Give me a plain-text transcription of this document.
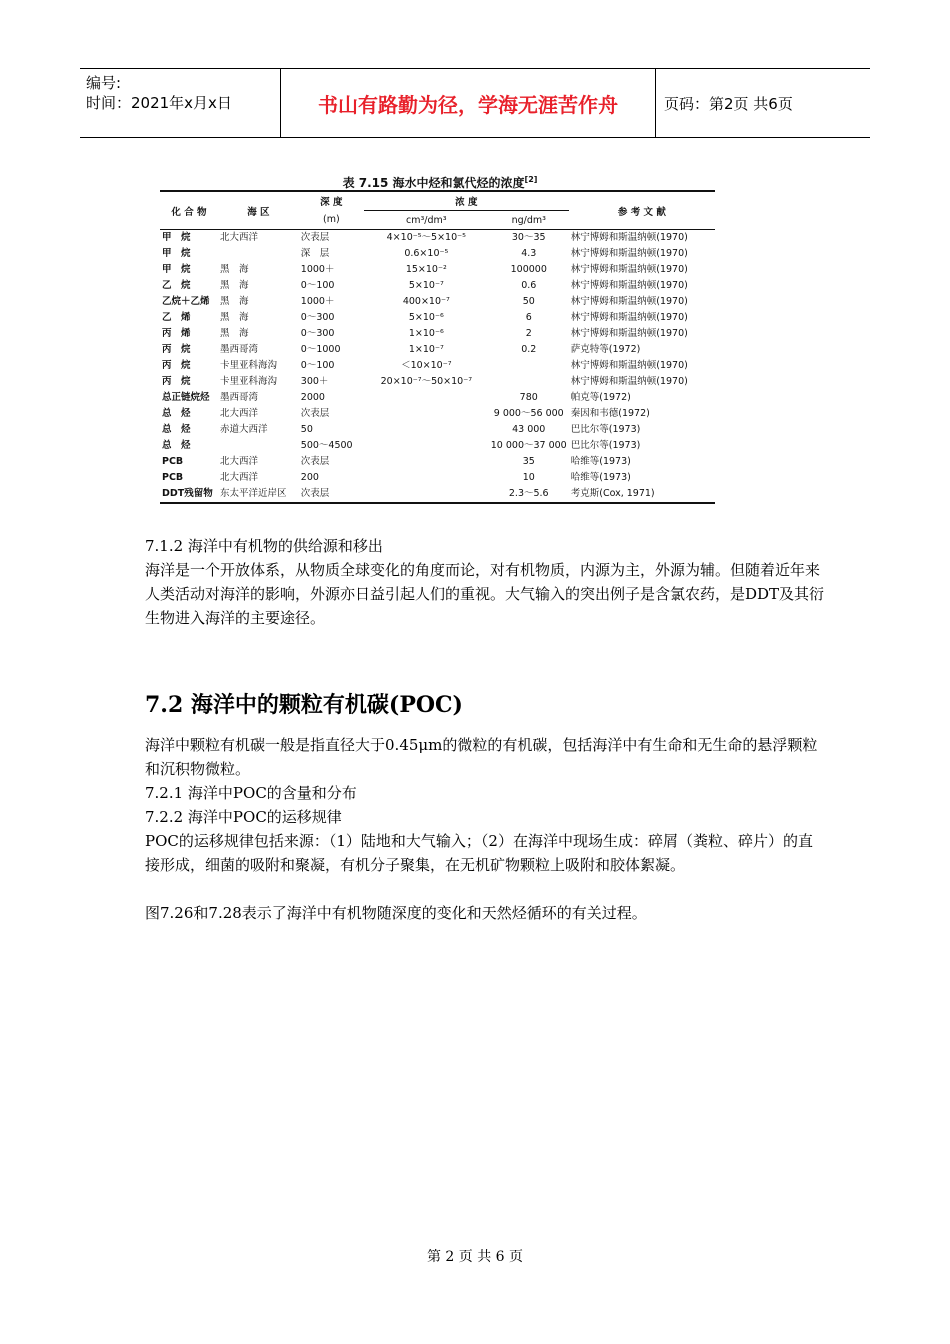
编号:
时间：2021年x月x日	书山有路勤为径，学海无涯苦作舟	页码：第2页 共6页
表 7.15 海水中烃和氯代烃的浓度[2]
化 合 物	海 区	深 度	浓 度		参 考 文 献
		(m)	cm³/dm³	ng/dm³	
甲　烷	北大西洋	次表层	4×10⁻⁵～5×10⁻⁵	30～35	林宁博姆和斯温纳顿(1970)
甲　烷		深　层	0.6×10⁻⁵	4.3	林宁博姆和斯温纳顿(1970)
甲　烷	黑　海	1000＋	15×10⁻²	100000	林宁博姆和斯温纳顿(1970)
乙　烷	黑　海	0～100	5×10⁻⁷	0.6	林宁博姆和斯温纳顿(1970)
乙烷＋乙烯	黑　海	1000＋	400×10⁻⁷	50	林宁博姆和斯温纳顿(1970)
乙　烯	黑　海	0～300	5×10⁻⁶	6	林宁博姆和斯温纳顿(1970)
丙　烯	黑　海	0～300	1×10⁻⁶	2	林宁博姆和斯温纳顿(1970)
丙　烷	墨西哥湾	0～1000	1×10⁻⁷	0.2	萨克特等(1972)
丙　烷	卡里亚科海沟	0～100	＜10×10⁻⁷		林宁博姆和斯温纳顿(1970)
丙　烷	卡里亚科海沟	300＋	20×10⁻⁷～50×10⁻⁷		林宁博姆和斯温纳顿(1970)
总正链烷烃	墨西哥湾	2000		780	帕克等(1972)
总　烃	北大西洋	次表层		9 000～56 000	秦因和韦德(1972)
总　烃	赤道大西洋	50		43 000	巴比尔等(1973)
总　烃		500～4500		10 000～37 000	巴比尔等(1973)
PCB	北大西洋	次表层		35	哈维等(1973)
PCB	北大西洋	200		10	哈维等(1973)
DDT残留物	东太平洋近岸区	次表层		2.3～5.6	考克斯(Cox, 1971)

7.1.2 海洋中有机物的供给源和移出

海洋是一个开放体系，从物质全球变化的角度而论，对有机物质，内源为主，外源为辅。但随着近年来人类活动对海洋的影响，外源亦日益引起人们的重视。大气输入的突出例子是含氯农药，是DDT及其衍生物进入海洋的主要途径。

7.2 海洋中的颗粒有机碳(POC)

海洋中颗粒有机碳一般是指直径大于0.45μm的微粒的有机碳，包括海洋中有生命和无生命的悬浮颗粒和沉积物微粒。

7.2.1 海洋中POC的含量和分布

7.2.2 海洋中POC的运移规律

POC的运移规律包括来源：（1）陆地和大气输入；（2）在海洋中现场生成：碎屑（粪粒、碎片）的直接形成，细菌的吸附和聚凝，有机分子聚集，在无机矿物颗粒上吸附和胶体絮凝。

图7.26和7.28表示了海洋中有机物随深度的变化和天然烃循环的有关过程。

第 2 页 共 6 页
